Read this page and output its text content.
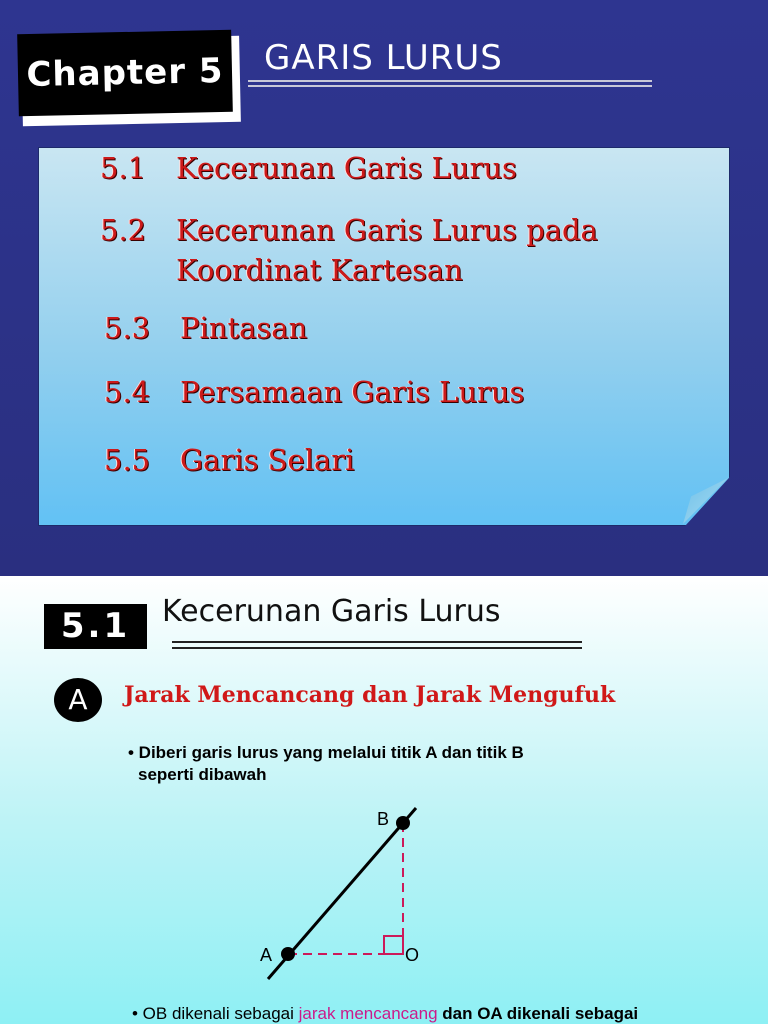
Chapter 5 GARIS LURUS
5.1 Kecerunan Garis Lurus
5.2 Kecerunan Garis Lurus pada
Koordinat Kartesan
5.3 Pintasan
5.4 Persamaan Garis Lurus
5.5 Garis Selari
5.1	Kecerunan Garis Lurus
A	Jarak Mencancang dan Jarak Mengufuk
• Diberi garis lurus yang melalui titik A dan titik B
seperti dibawah
A
B
O
• OB dikenali sebagai jarak mencancang dan OA dikenali sebagai
